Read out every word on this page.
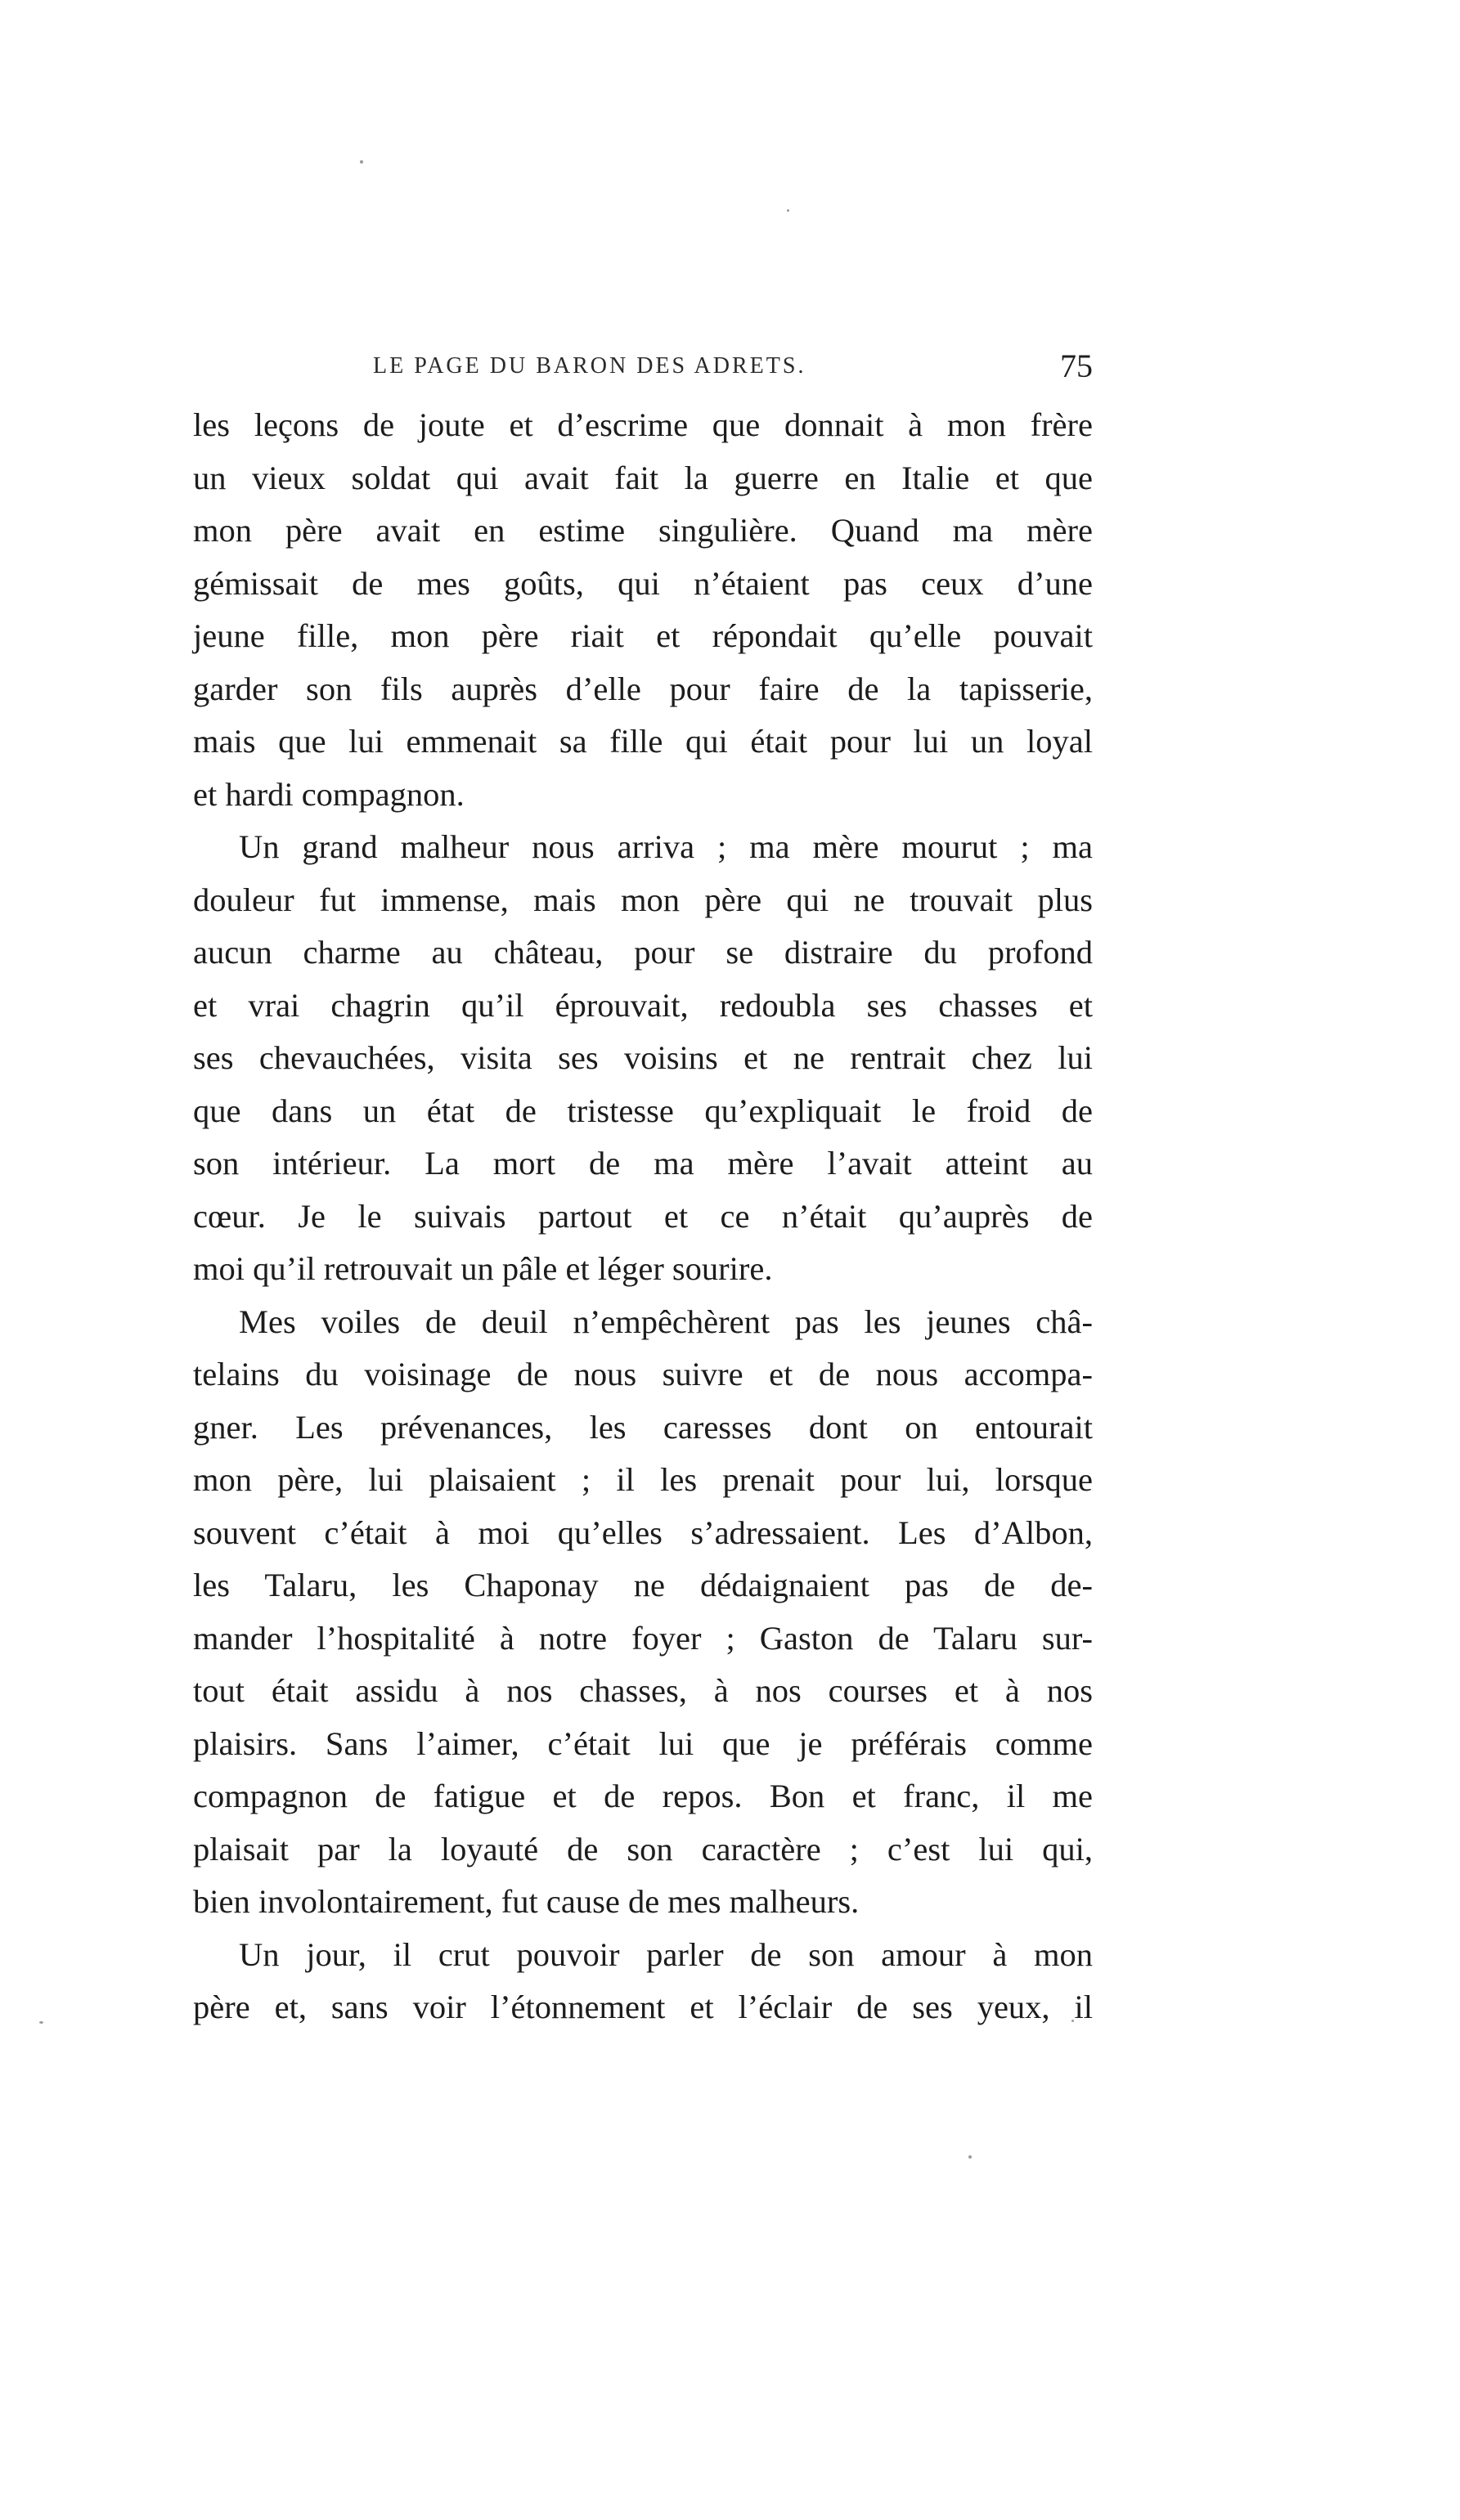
LE PAGE DU BARON DES ADRETS.	75

les leçons de joute et d’escrime que donnait à mon frère
un vieux soldat qui avait fait la guerre en Italie et que
mon père avait en estime singulière. Quand ma mère
gémissait de mes goûts, qui n’étaient pas ceux d’une
jeune fille, mon père riait et répondait qu’elle pouvait
garder son fils auprès d’elle pour faire de la tapisserie,
mais que lui emmenait sa fille qui était pour lui un loyal
et hardi compagnon.

Un grand malheur nous arriva ; ma mère mourut ; ma
douleur fut immense, mais mon père qui ne trouvait plus
aucun charme au château, pour se distraire du profond
et vrai chagrin qu’il éprouvait, redoubla ses chasses et
ses chevauchées, visita ses voisins et ne rentrait chez lui
que dans un état de tristesse qu’expliquait le froid de
son intérieur. La mort de ma mère l’avait atteint au
cœur. Je le suivais partout et ce n’était qu’auprès de
moi qu’il retrouvait un pâle et léger sourire.

Mes voiles de deuil n’empêchèrent pas les jeunes châ-
telains du voisinage de nous suivre et de nous accompa-
gner. Les prévenances, les caresses dont on entourait
mon père, lui plaisaient ; il les prenait pour lui, lorsque
souvent c’était à moi qu’elles s’adressaient. Les d’Albon,
les Talaru, les Chaponay ne dédaignaient pas de de-
mander l’hospitalité à notre foyer ; Gaston de Talaru sur-
tout était assidu à nos chasses, à nos courses et à nos
plaisirs. Sans l’aimer, c’était lui que je préférais comme
compagnon de fatigue et de repos. Bon et franc, il me
plaisait par la loyauté de son caractère ; c’est lui qui,
bien involontairement, fut cause de mes malheurs.

Un jour, il crut pouvoir parler de son amour à mon
père et, sans voir l’étonnement et l’éclair de ses yeux, il
